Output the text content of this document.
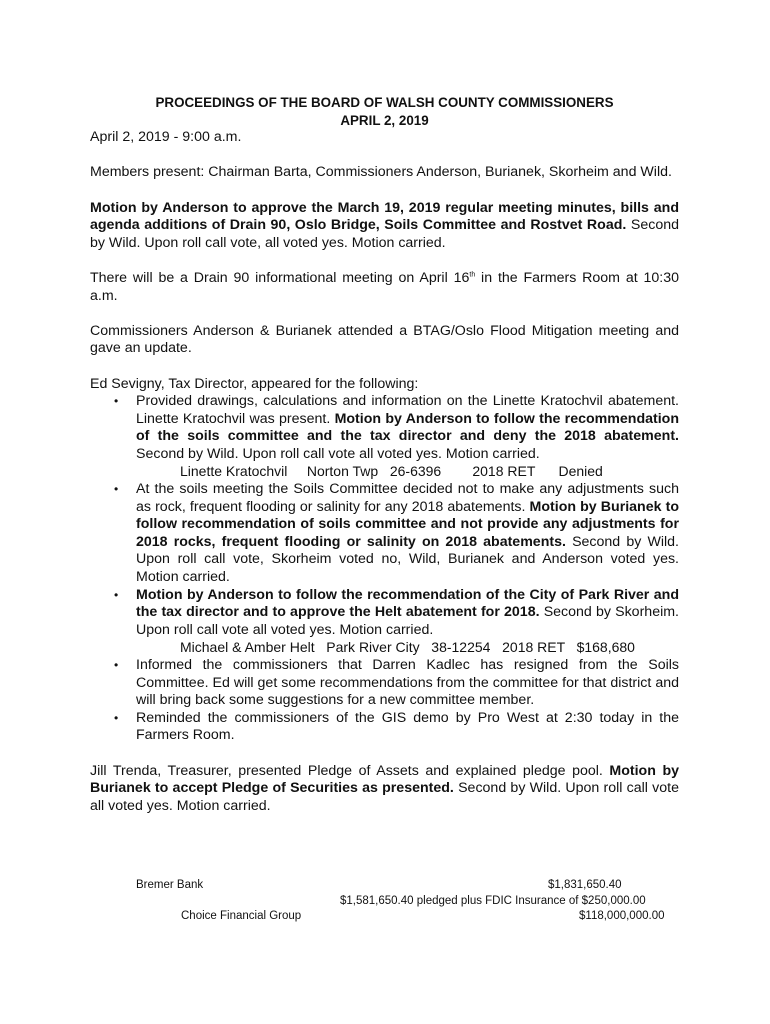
PROCEEDINGS OF THE BOARD OF WALSH COUNTY COMMISSIONERS
APRIL 2, 2019

April 2, 2019 - 9:00 a.m.

Members present: Chairman Barta, Commissioners Anderson, Burianek, Skorheim and Wild.

Motion by Anderson to approve the March 19, 2019 regular meeting minutes, bills and agenda additions of Drain 90, Oslo Bridge, Soils Committee and Rostvet Road. Second by Wild. Upon roll call vote, all voted yes. Motion carried.

There will be a Drain 90 informational meeting on April 16th in the Farmers Room at 10:30 a.m.

Commissioners Anderson & Burianek attended a BTAG/Oslo Flood Mitigation meeting and gave an update.

Ed Sevigny, Tax Director, appeared for the following:

• Provided drawings, calculations and information on the Linette Kratochvil abatement. Linette Kratochvil was present. Motion by Anderson to follow the recommendation of the soils committee and the tax director and deny the 2018 abatement. Second by Wild. Upon roll call vote all voted yes. Motion carried.
Linette Kratochvil     Norton Twp   26-6396        2018 RET      Denied
• At the soils meeting the Soils Committee decided not to make any adjustments such as rock, frequent flooding or salinity for any 2018 abatements. Motion by Burianek to follow recommendation of soils committee and not provide any adjustments for 2018 rocks, frequent flooding or salinity on 2018 abatements. Second by Wild. Upon roll call vote, Skorheim voted no, Wild, Burianek and Anderson voted yes. Motion carried.
• Motion by Anderson to follow the recommendation of the City of Park River and the tax director and to approve the Helt abatement for 2018. Second by Skorheim. Upon roll call vote all voted yes. Motion carried.
Michael & Amber Helt   Park River City   38-12254   2018 RET   $168,680
• Informed the commissioners that Darren Kadlec has resigned from the Soils Committee. Ed will get some recommendations from the committee for that district and will bring back some suggestions for a new committee member.
• Reminded the commissioners of the GIS demo by Pro West at 2:30 today in the Farmers Room.

Jill Trenda, Treasurer, presented Pledge of Assets and explained pledge pool. Motion by Burianek to accept Pledge of Securities as presented. Second by Wild. Upon roll call vote all voted yes. Motion carried.

Bremer Bank	$1,831,650.40
$1,581,650.40 pledged plus FDIC Insurance of $250,000.00
Choice Financial Group	$118,000,000.00
